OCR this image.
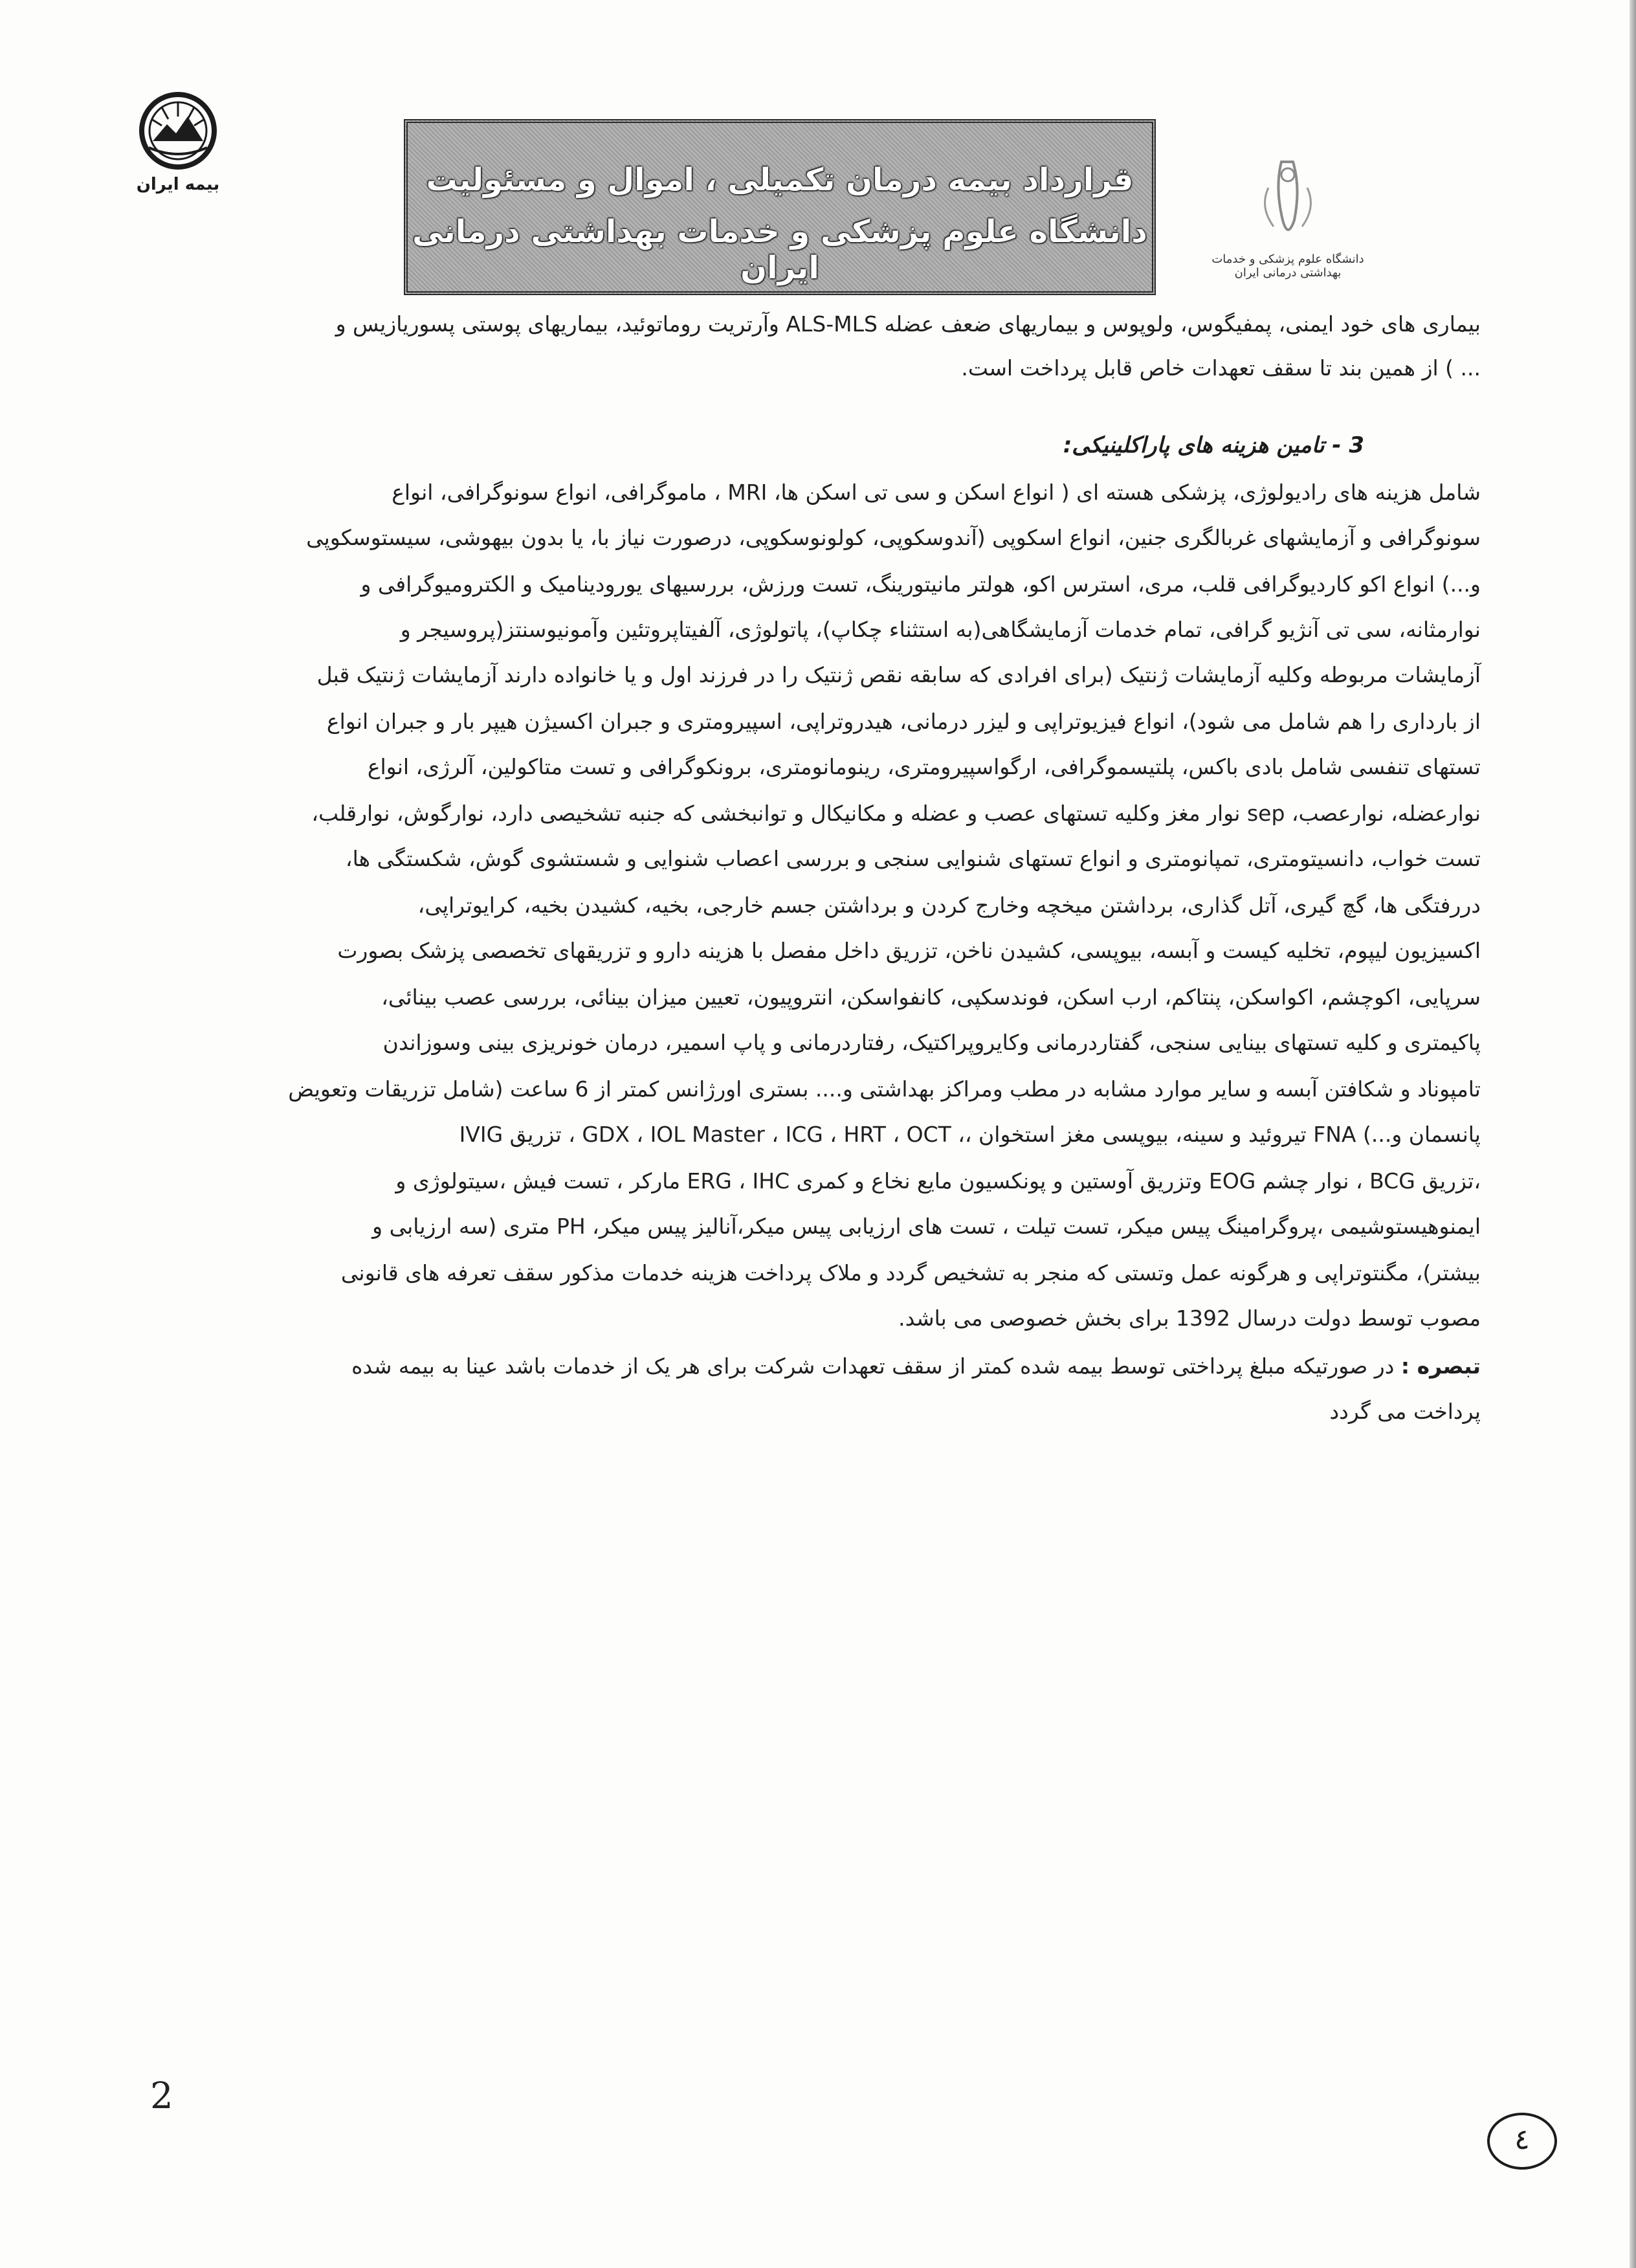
بیمه ایران	قرارداد بیمه درمان تکمیلی ، اموال و مسئولیت
دانشگاه علوم پزشکی و خدمات بهداشتی درمانی ایران	دانشگاه علوم پزشکی و خدمات بهداشتی درمانی ایران
بیماری های خود ایمنی، پمفیگوس، ولوپوس و بیماریهای ضعف عضله ALS-MLS وآرتریت روماتوئید، بیماریهای پوستی پسوریازیس و
... ) از همین بند تا سقف تعهدات خاص قابل پرداخت است.
3 - تامین هزینه های پاراکلینیکی:
شامل هزینه های رادیولوژی، پزشکی هسته ای ( انواع اسکن و سی تی اسکن ها، MRI ، ماموگرافی، انواع سونوگرافی، انواع
سونوگرافی و آزمایشهای غربالگری جنین، انواع اسکوپی (آندوسکوپی، کولونوسکوپی، درصورت نیاز با، یا بدون بیهوشی، سیستوسکوپی
و...) انواع اکو کاردیوگرافی قلب، مری، استرس اکو، هولتر مانیتورینگ، تست ورزش، بررسیهای یورودینامیک و الکترومیوگرافی و
نوارمثانه، سی تی آنژیو گرافی، تمام خدمات آزمایشگاهی(به استثناء چکاپ)، پاتولوژی، آلفیتاپروتئین وآمونیوسنتز(پروسیجر و
آزمایشات مربوطه وکلیه آزمایشات ژنتیک (برای افرادی که سابقه نقص ژنتیک را در فرزند اول و یا خانواده دارند آزمایشات ژنتیک قبل
از بارداری را هم شامل می شود)، انواع فیزیوتراپی و لیزر درمانی، هیدروتراپی، اسپیرومتری و جبران اکسیژن هیپر بار و جبران انواع
تستهای تنفسی شامل بادی باکس، پلتیسموگرافی، ارگواسپیرومتری، رینومانومتری، برونکوگرافی و تست متاکولین، آلرژی، انواع
نوارعضله، نوارعصب، sep نوار مغز وکلیه تستهای عصب و عضله و مکانیکال و توانبخشی که جنبه تشخیصی دارد، نوارگوش، نوارقلب،
تست خواب، دانسیتومتری، تمپانومتری و انواع تستهای شنوایی سنجی و بررسی اعصاب شنوایی و شستشوی گوش، شکستگی ها،
دررفتگی ها، گچ گیری، آتل گذاری، برداشتن میخچه وخارج کردن و برداشتن جسم خارجی، بخیه، کشیدن بخیه، کرایوتراپی،
اکسیزیون لیپوم، تخلیه کیست و آبسه، بیوپسی، کشیدن ناخن، تزریق داخل مفصل با هزینه دارو و تزریقهای تخصصی پزشک بصورت
سرپایی، اکوچشم، اکواسکن، پنتاکم، ارب اسکن، فوندسکپی، کانفواسکن، انتروپیون، تعیین میزان بینائی، بررسی عصب بینائی،
پاکیمتری و کلیه تستهای بینایی سنجی، گفتاردرمانی وکایروپراکتیک، رفتاردرمانی و پاپ اسمیر، درمان خونریزی بینی وسوزاندن
تامپوناد و شکافتن آبسه و سایر موارد مشابه در مطب ومراکز بهداشتی و.... بستری اورژانس کمتر از 6 ساعت (شامل تزریقات وتعویض
پانسمان و...) FNA تیروئید و سینه، بیوپسی مغز استخوان ،، GDX ، IOL Master ، ICG ، HRT ، OCT ، تزریق IVIG
،تزریق BCG ، نوار چشم EOG وتزریق آوستین و پونکسیون مایع نخاع و کمری ERG ، IHC مارکر ، تست فیش ،سیتولوژی و
ایمنوهیستوشیمی ،پروگرامینگ پیس میکر، تست تیلت ، تست های ارزیابی پیس میکر،آنالیز پیس میکر، PH متری (سه ارزیابی و
بیشتر)، مگنتوتراپی و هرگونه عمل وتستی که منجر به تشخیص گردد و ملاک پرداخت هزینه خدمات مذکور سقف تعرفه های قانونی
مصوب توسط دولت درسال 1392 برای بخش خصوصی می باشد.
تبصره : در صورتیکه مبلغ پرداختی توسط بیمه شده کمتر از سقف تعهدات شرکت برای هر یک از خدمات باشد عینا به بیمه شده
پرداخت می گردد
2
٤
